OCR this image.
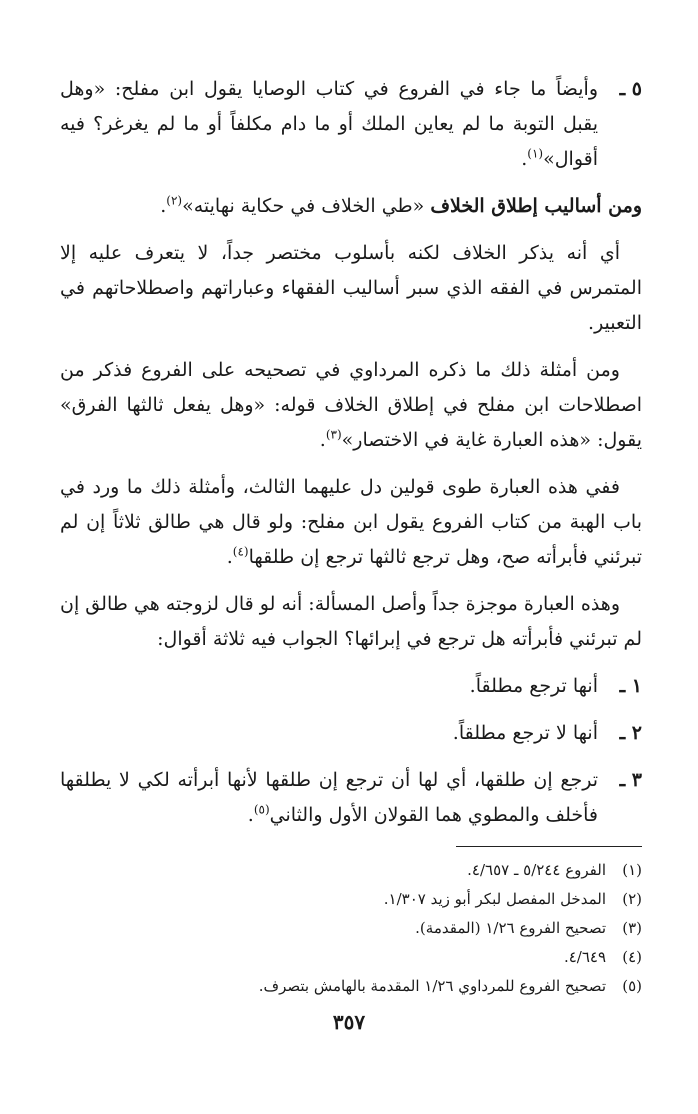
٥ ـ
وأيضاً ما جاء في الفروع في كتاب الوصايا يقول ابن مفلح: «وهل يقبل التوبة ما لم يعاين الملك أو ما دام مكلفاً أو ما لم يغرغر؟ فيه أقوال»$^{(١)}$.

ومن أساليب إطلاق الخلاف «طي الخلاف في حكاية نهايته»$^{(٢)}$.

أي أنه يذكر الخلاف لكنه بأسلوب مختصر جداً، لا يتعرف عليه إلا المتمرس في الفقه الذي سبر أساليب الفقهاء وعباراتهم واصطلاحاتهم في التعبير.

ومن أمثلة ذلك ما ذكره المرداوي في تصحيحه على الفروع فذكر من اصطلاحات ابن مفلح في إطلاق الخلاف قوله: «وهل يفعل ثالثها الفرق» يقول: «هذه العبارة غاية في الاختصار»$^{(٣)}$.

ففي هذه العبارة طوى قولين دل عليهما الثالث، وأمثلة ذلك ما ورد في باب الهبة من كتاب الفروع يقول ابن مفلح: ولو قال هي طالق ثلاثاً إن لم تبرئني فأبرأته صح، وهل ترجع ثالثها ترجع إن طلقها$^{(٤)}$.

وهذه العبارة موجزة جداً وأصل المسألة: أنه لو قال لزوجته هي طالق إن لم تبرئني فأبرأته هل ترجع في إبرائها؟ الجواب فيه ثلاثة أقوال:

١ ـ
أنها ترجع مطلقاً.
٢ ـ
أنها لا ترجع مطلقاً.
٣ ـ
ترجع إن طلقها، أي لها أن ترجع إن طلقها لأنها أبرأته لكي لا يطلقها فأخلف والمطوي هما القولان الأول والثاني$^{(٥)}$.
(١)
الفروع ٥/٢٤٤ ـ ٤/٦٥٧.
(٢)
المدخل المفصل لبكر أبو زيد ١/٣٠٧.
(٣)
تصحيح الفروع ١/٢٦ (المقدمة).
(٤)
٤/٦٤٩.
(٥)
تصحيح الفروع للمرداوي ١/٢٦ المقدمة بالهامش بتصرف.
٣٥٧
